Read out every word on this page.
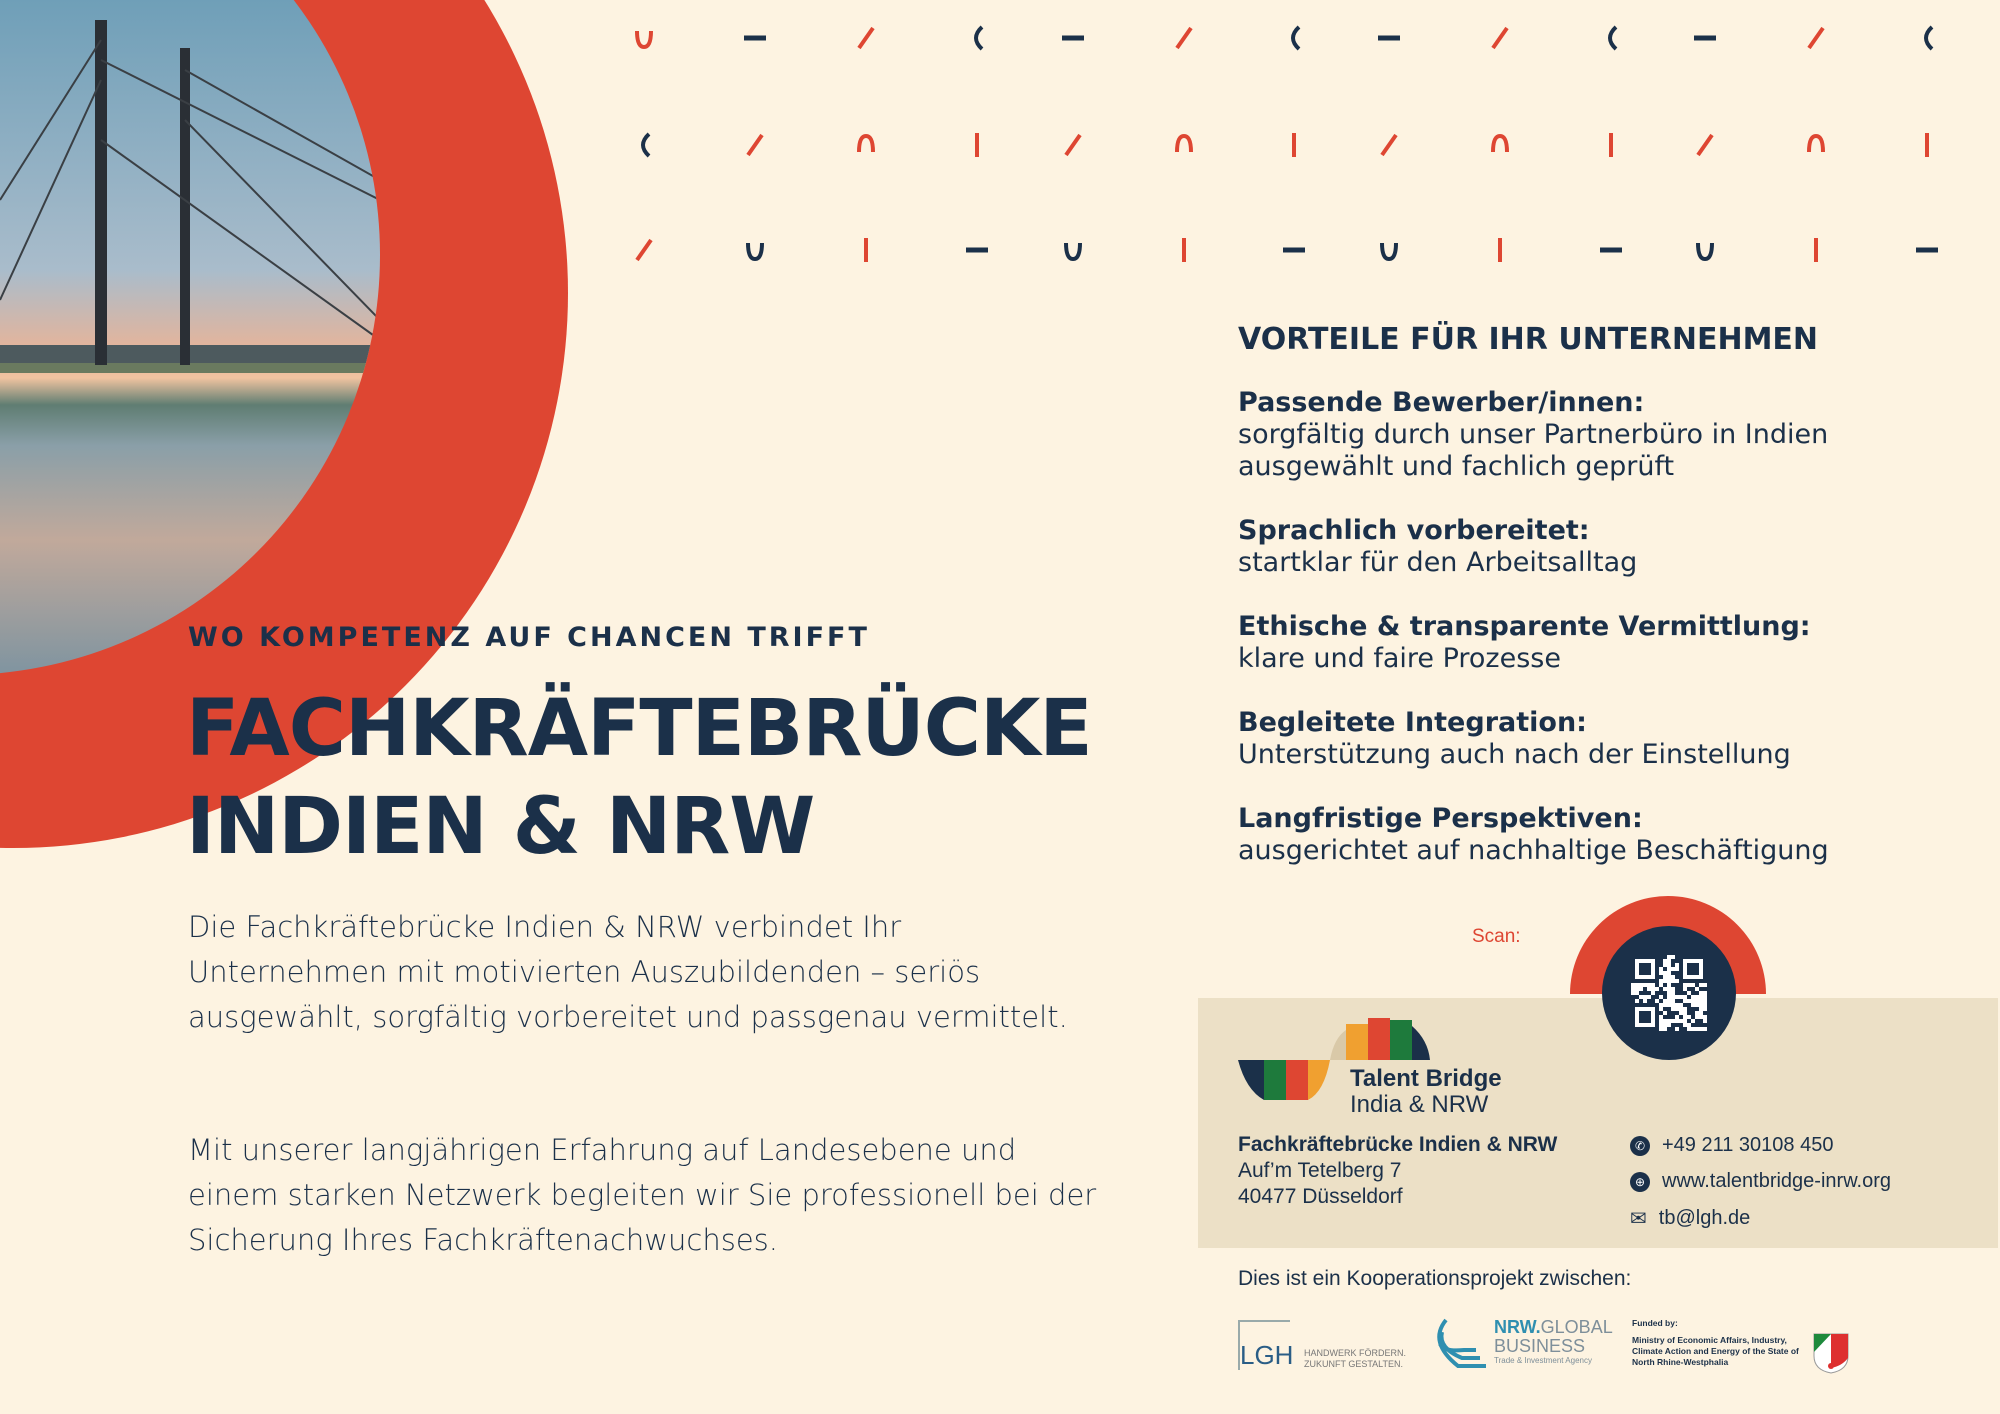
WO KOMPETENZ AUF CHANCEN TRIFFT
FACHKRÄFTEBRÜCKE
INDIEN & NRW
Die Fachkräftebrücke Indien & NRW verbindet Ihr Unternehmen mit motivierten Auszubildenden – seriös ausgewählt, sorgfältig vorbereitet und passgenau vermittelt.
Mit unserer langjährigen Erfahrung auf Landesebene und einem starken Netzwerk begleiten wir Sie professionell bei der Sicherung Ihres Fachkräftenachwuchses.
VORTEILE FÜR IHR UNTERNEHMEN
Passende Bewerber/innen:
sorgfältig durch unser Partnerbüro in Indien ausgewählt und fachlich geprüft
Sprachlich vorbereitet:
startklar für den Arbeitsalltag
Ethische & transparente Vermittlung:
klare und faire Prozesse
Begleitete Integration:
Unterstützung auch nach der Einstellung
Langfristige Perspektiven:
ausgerichtet auf nachhaltige Beschäftigung
Scan:
Talent Bridge
India & NRW
Fachkräftebrücke Indien & NRW
Auf’m Tetelberg 7
40477 Düsseldorf
✆ +49 211 30108 450
⊕ www.talentbridge-inrw.org
✉ tb@lgh.de
Dies ist ein Kooperationsprojekt zwischen:
LGH HANDWERK FÖRDERN.
ZUKUNFT GESTALTEN.
NRW.GLOBAL
BUSINESS
Trade & Investment Agency
Funded by:
Ministry of Economic Affairs, Industry, Climate Action and Energy of the State of North Rhine-Westphalia
